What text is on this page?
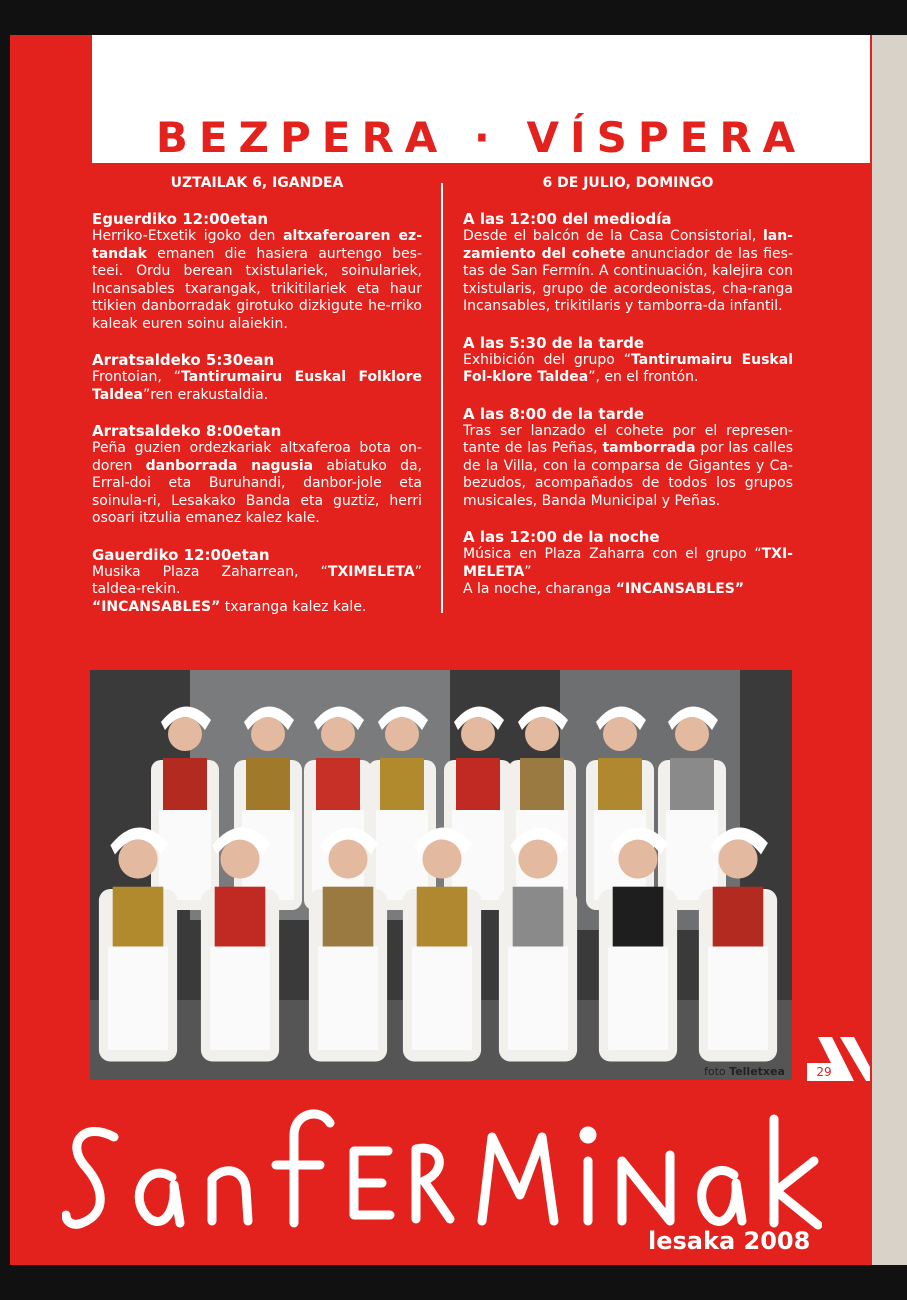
BEZPERA · VÍSPERA
UZTAILAK 6, IGANDEA
Eguerdiko 12:00etan

Herriko-Etxetik igoko den altxaferoaren ez-tandak emanen die hasiera aurtengo bes-teei. Ordu berean txistulariek, soinulariek, Incansables txarangak, trikitilariek eta haur ttikien danborradak girotuko dizkigute he-rriko kaleak euren soinu alaiekin.

Arratsaldeko 5:30ean

Frontoian, “Tantirumairu Euskal Folklore Taldea”ren erakustaldia.

Arratsaldeko 8:00etan

Peña guzien ordezkariak altxaferoa bota on-doren danborrada nagusia abiatuko da, Erral-doi eta Buruhandi, danbor-jole eta soinula-ri, Lesakako Banda eta guztiz, herri osoari itzulia emanez kalez kale.

Gauerdiko 12:00etan

Musika Plaza Zaharrean, “TXIMELETA” taldea-rekin.
“INCANSABLES” txaranga kalez kale.

6 DE JULIO, DOMINGO
A las 12:00 del mediodía

Desde el balcón de la Casa Consistorial, lan-zamiento del cohete anunciador de las fies-tas de San Fermín. A continuación, kalejira con txistularis, grupo de acordeonistas, cha-ranga Incansables, trikitilaris y tamborra-da infantil.

A las 5:30 de la tarde

Exhibición del grupo “Tantirumairu Euskal Fol-klore Taldea”, en el frontón.

A las 8:00 de la tarde

Tras ser lanzado el cohete por el represen-tante de las Peñas, tamborrada por las calles de la Villa, con la comparsa de Gigantes y Ca-bezudos, acompañados de todos los grupos musicales, Banda Municipal y Peñas.

A las 12:00 de la noche

Música en Plaza Zaharra con el grupo “TXI-MELETA”
A la noche, charanga “INCANSABLES”

foto Telletxea	29
lesaka 2008
